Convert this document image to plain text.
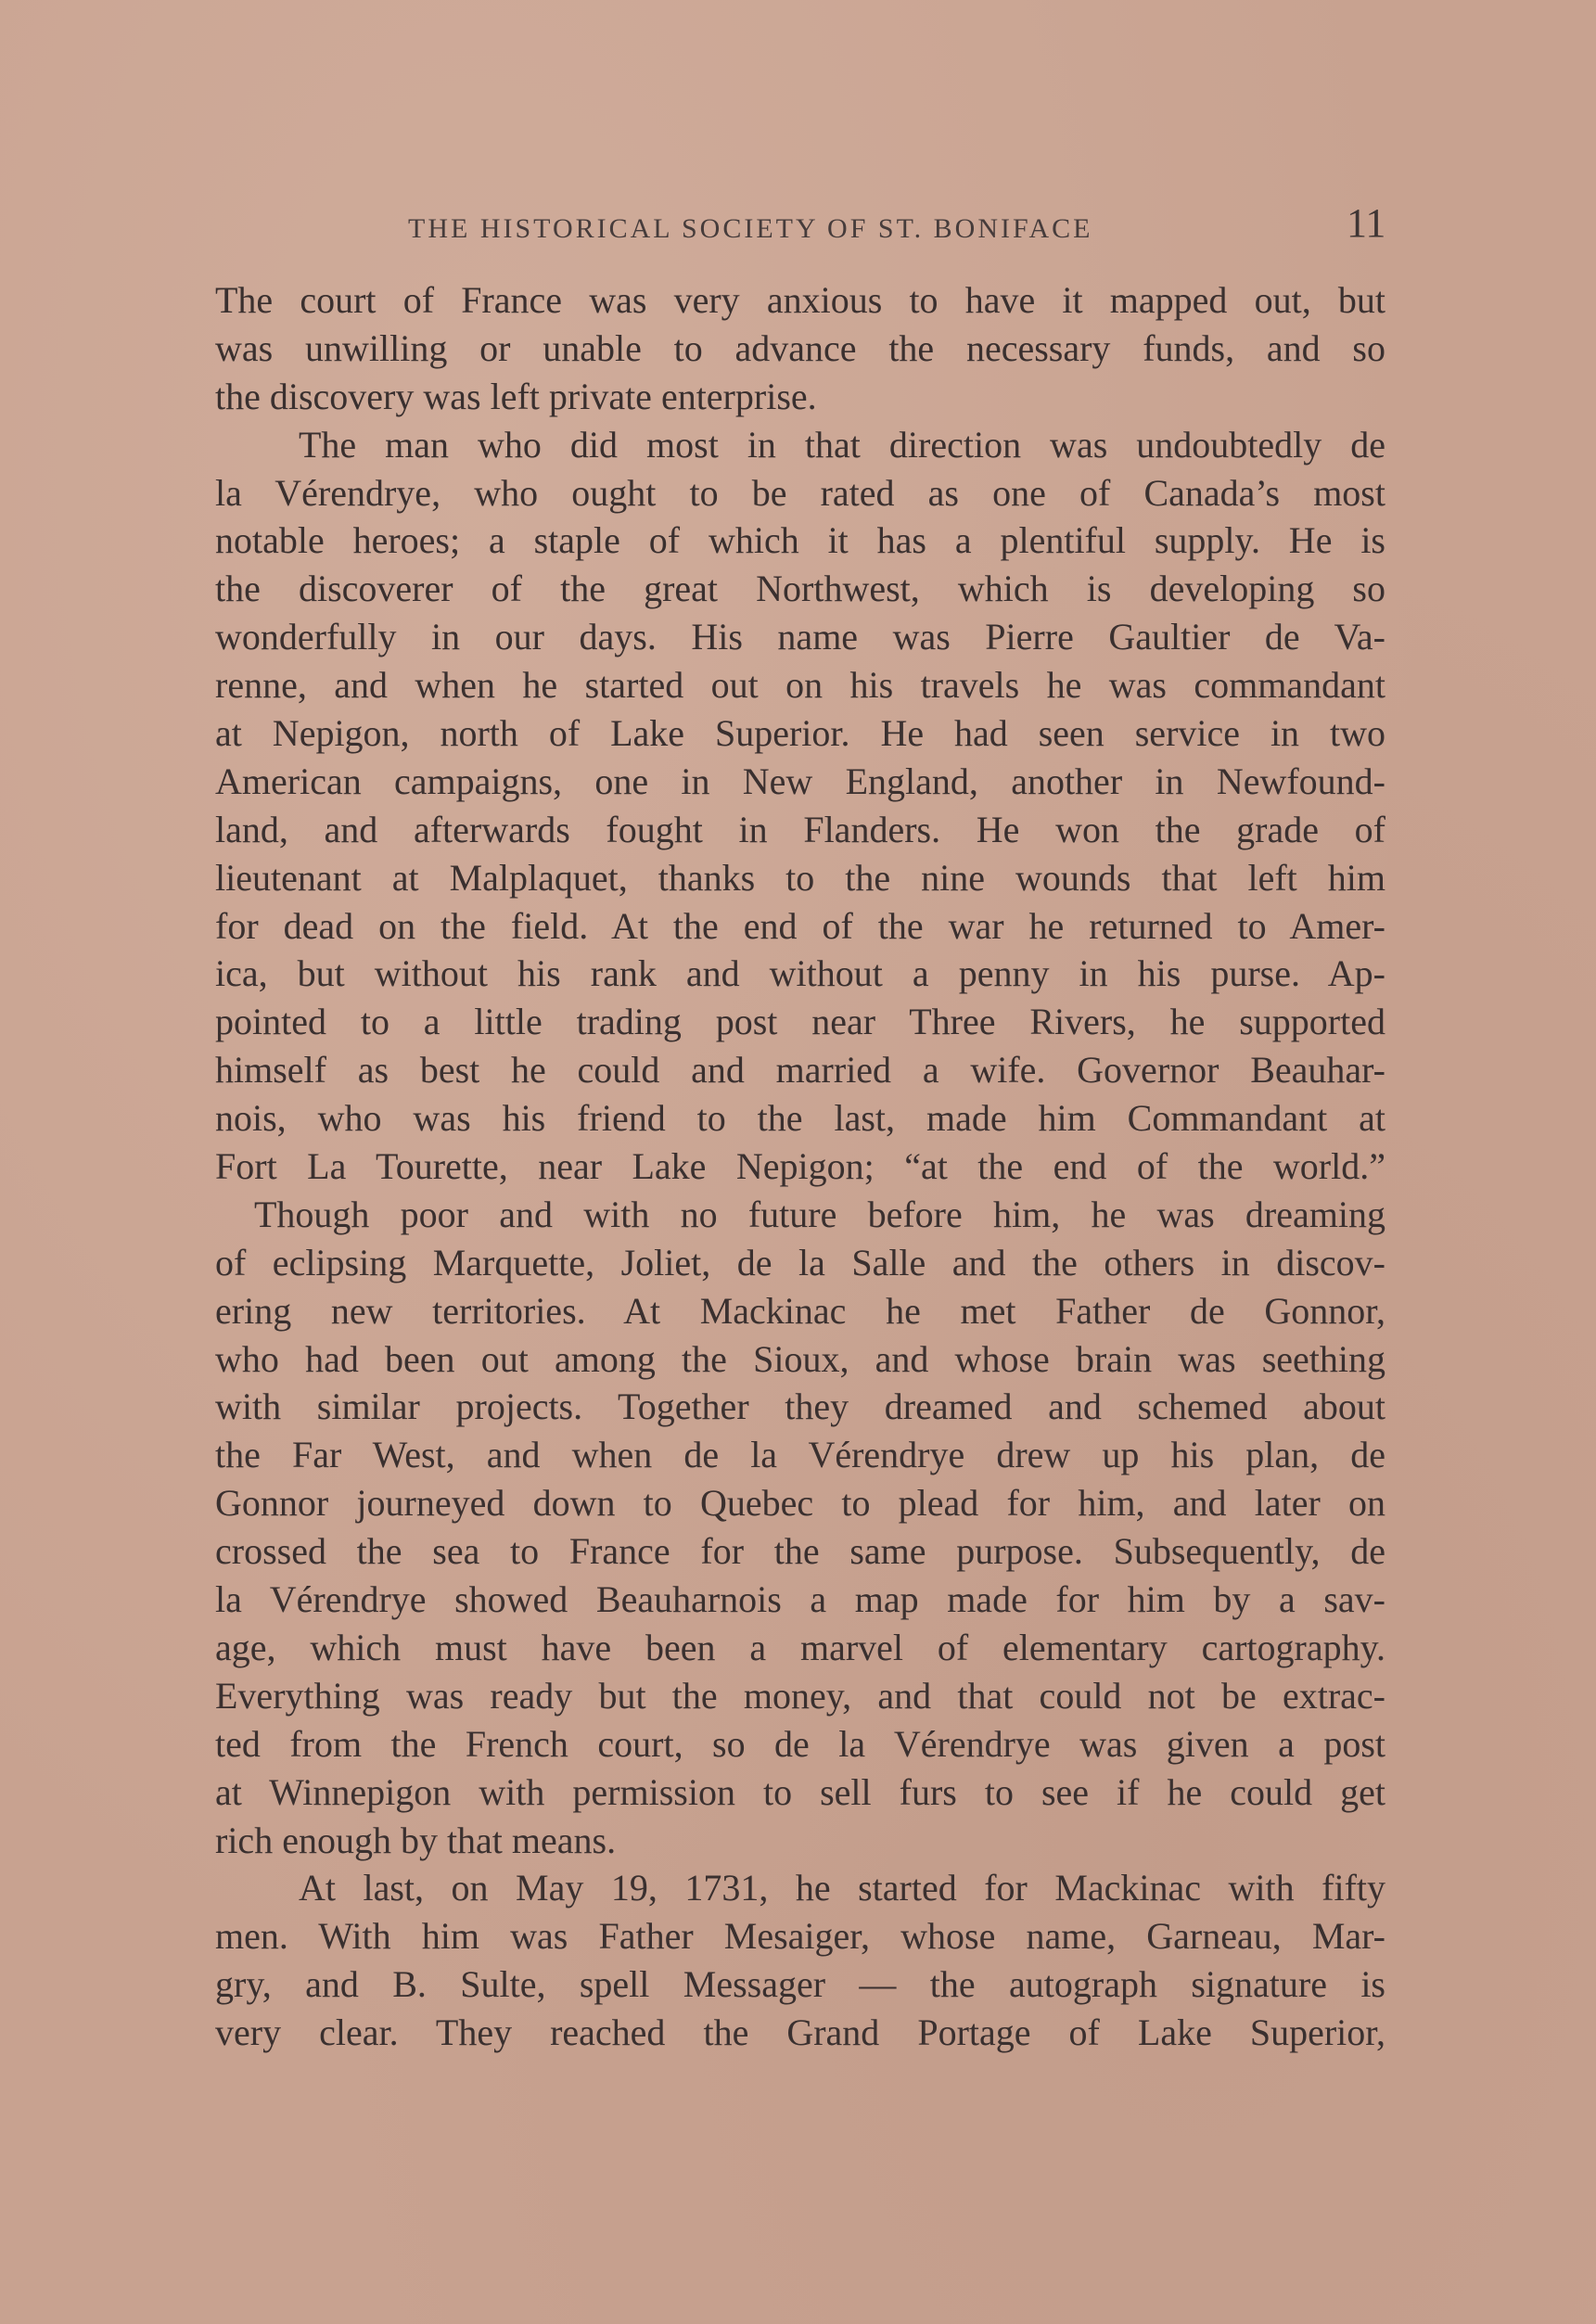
THE HISTORICAL SOCIETY OF ST. BONIFACE	11
The court of France was very anxious to have it mapped out, but
was unwilling or unable to advance the necessary funds, and so
the discovery was left private enterprise.
The man who did most in that direction was undoubtedly de
la Vérendrye, who ought to be rated as one of Canada’s most
notable heroes; a staple of which it has a plentiful supply. He is
the discoverer of the great Northwest, which is developing so
wonderfully in our days. His name was Pierre Gaultier de Va-
renne, and when he started out on his travels he was commandant
at Nepigon, north of Lake Superior. He had seen service in two
American campaigns, one in New England, another in Newfound-
land, and afterwards fought in Flanders. He won the grade of
lieutenant at Malplaquet, thanks to the nine wounds that left him
for dead on the field. At the end of the war he returned to Amer-
ica, but without his rank and without a penny in his purse. Ap-
pointed to a little trading post near Three Rivers, he supported
himself as best he could and married a wife. Governor Beauhar-
nois, who was his friend to the last, made him Commandant at
Fort La Tourette, near Lake Nepigon; “at the end of the world.”
Though poor and with no future before him, he was dreaming
of eclipsing Marquette, Joliet, de la Salle and the others in discov-
ering new territories. At Mackinac he met Father de Gonnor,
who had been out among the Sioux, and whose brain was seething
with similar projects. Together they dreamed and schemed about
the Far West, and when de la Vérendrye drew up his plan, de
Gonnor journeyed down to Quebec to plead for him, and later on
crossed the sea to France for the same purpose. Subsequently, de
la Vérendrye showed Beauharnois a map made for him by a sav-
age, which must have been a marvel of elementary cartography.
Everything was ready but the money, and that could not be extrac-
ted from the French court, so de la Vérendrye was given a post
at Winnepigon with permission to sell furs to see if he could get
rich enough by that means.
At last, on May 19, 1731, he started for Mackinac with fifty
men. With him was Father Mesaiger, whose name, Garneau, Mar-
gry, and B. Sulte, spell Messager — the autograph signature is
very clear. They reached the Grand Portage of Lake Superior,
